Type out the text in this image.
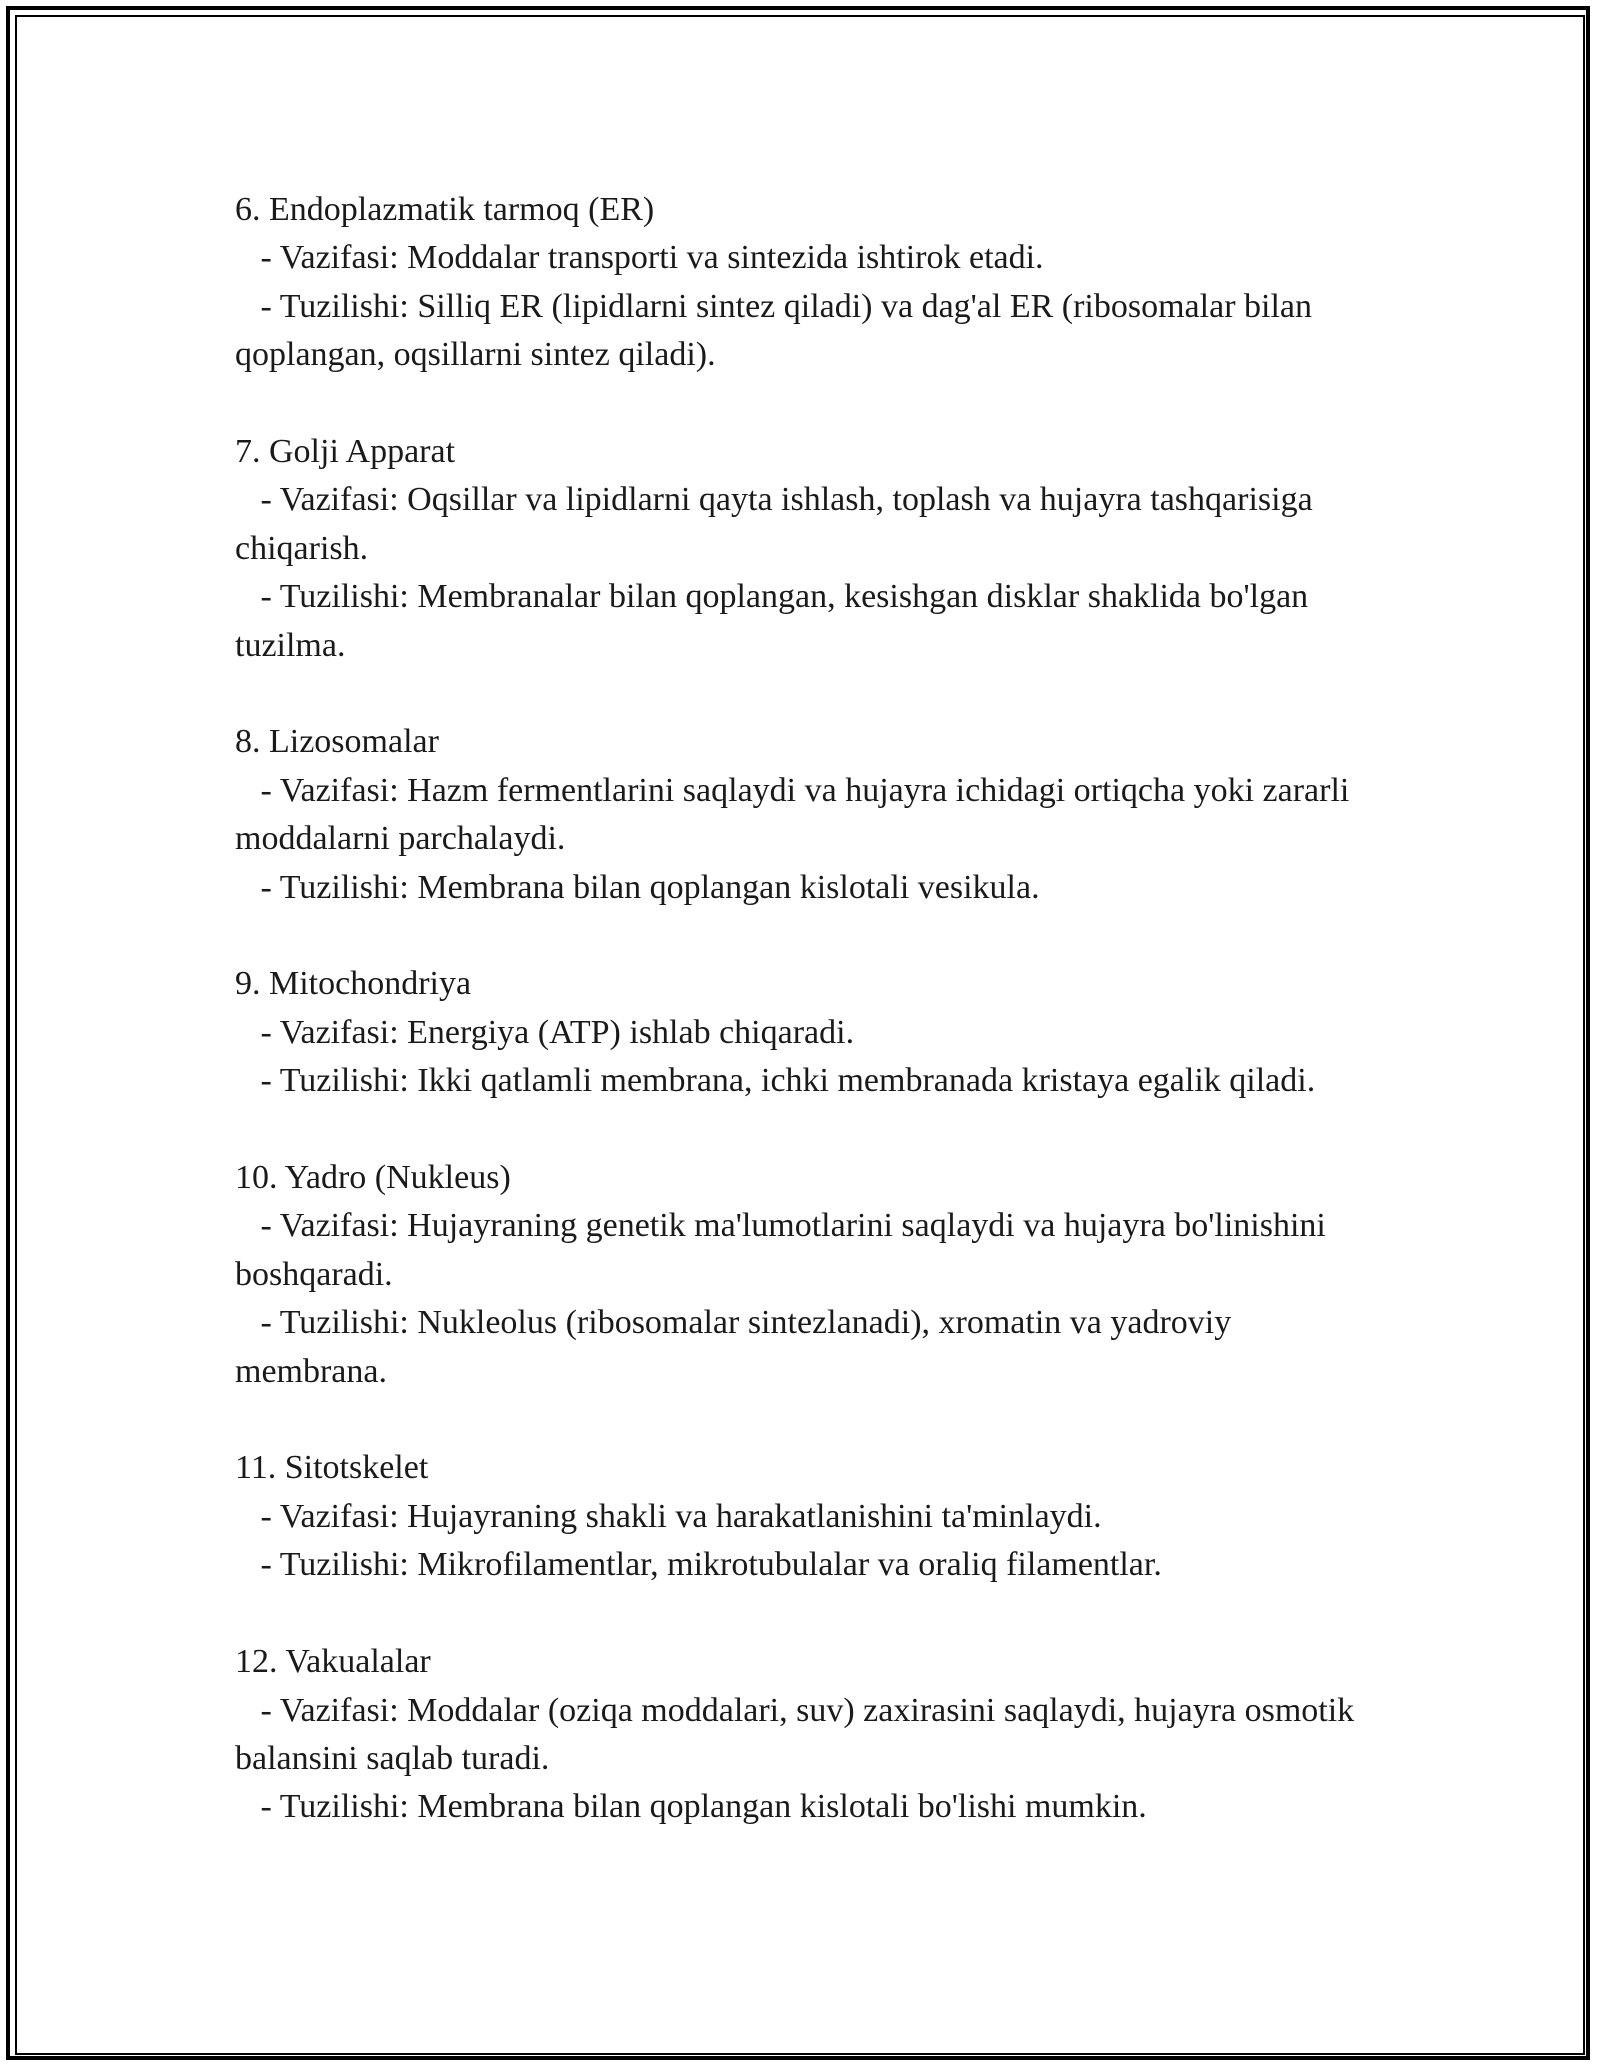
6. Endoplazmatik tarmoq (ER)

- Vazifasi: Moddalar transporti va sintezida ishtirok etadi.

- Tuzilishi: Silliq ER (lipidlarni sintez qiladi) va dag'al ER (ribosomalar bilan qoplangan, oqsillarni sintez qiladi).

7. Golji Apparat

- Vazifasi: Oqsillar va lipidlarni qayta ishlash, toplash va hujayra tashqarisiga chiqarish.

- Tuzilishi: Membranalar bilan qoplangan, kesishgan disklar shaklida bo'lgan tuzilma.

8. Lizosomalar

- Vazifasi: Hazm fermentlarini saqlaydi va hujayra ichidagi ortiqcha yoki zararli moddalarni parchalaydi.

- Tuzilishi: Membrana bilan qoplangan kislotali vesikula.

9. Mitochondriya

- Vazifasi: Energiya (ATP) ishlab chiqaradi.

- Tuzilishi: Ikki qatlamli membrana, ichki membranada kristaya egalik qiladi.

10. Yadro (Nukleus)

- Vazifasi: Hujayraning genetik ma'lumotlarini saqlaydi va hujayra bo'linishini boshqaradi.

- Tuzilishi: Nukleolus (ribosomalar sintezlanadi), xromatin va yadroviy membrana.

11. Sitotskelet

- Vazifasi: Hujayraning shakli va harakatlanishini ta'minlaydi.

- Tuzilishi: Mikrofilamentlar, mikrotubulalar va oraliq filamentlar.

12. Vakualalar

- Vazifasi: Moddalar (oziqa moddalari, suv) zaxirasini saqlaydi, hujayra osmotik balansini saqlab turadi.

- Tuzilishi: Membrana bilan qoplangan kislotali bo'lishi mumkin.
